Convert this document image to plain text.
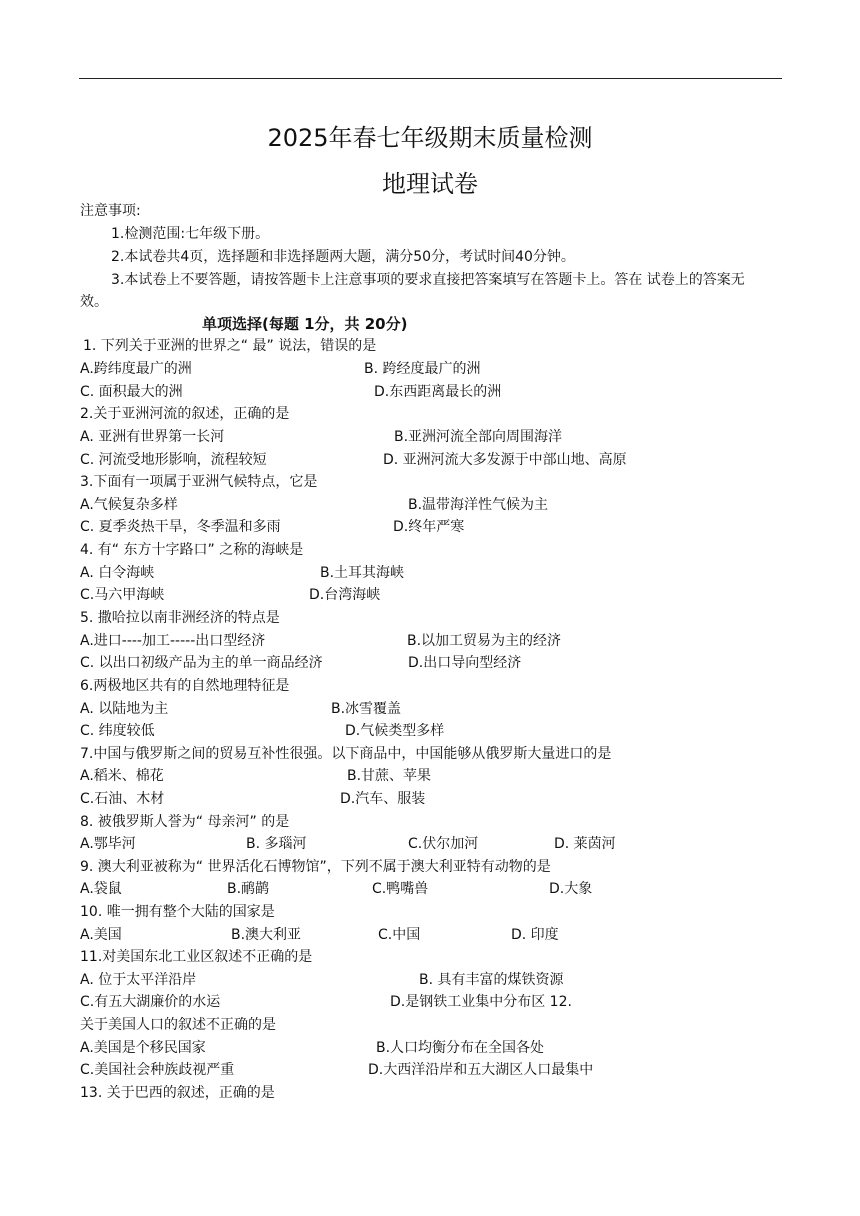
2025年春七年级期末质量检测
地理试卷
注意事项:
1.检测范围:七年级下册。
2.本试卷共4页，选择题和非选择题两大题，满分50分，考试时间40分钟。
3.本试卷上不要答题，请按答题卡上注意事项的要求直接把答案填写在答题卡上。答在 试卷上的答案无
效。
单项选择(每题 1分，共 20分)
1. 下列关于亚洲的世界之“ 最” 说法，错误的是
A.跨纬度最广的洲	B. 跨经度最广的洲
C. 面积最大的洲	D.东西距离最长的洲
2.关于亚洲河流的叙述，正确的是
A. 亚洲有世界第一长河	B.亚洲河流全部向周围海洋
C. 河流受地形影响，流程较短	D. 亚洲河流大多发源于中部山地、高原
3.下面有一项属于亚洲气候特点，它是
A.气候复杂多样	B.温带海洋性气候为主
C. 夏季炎热干旱，冬季温和多雨	D.终年严寒
4. 有“ 东方十字路口” 之称的海峡是
A. 白令海峡	B.土耳其海峡
C.马六甲海峡	D.台湾海峡
5. 撒哈拉以南非洲经济的特点是
A.进口----加工-----出口型经济	B.以加工贸易为主的经济
C. 以出口初级产品为主的单一商品经济	D.出口导向型经济
6.两极地区共有的自然地理特征是
A. 以陆地为主	B.冰雪覆盖
C. 纬度较低	D.气候类型多样
7.中国与俄罗斯之间的贸易互补性很强。以下商品中，中国能够从俄罗斯大量进口的是
A.稻米、棉花	B.甘蔗、苹果
C.石油、木材	D.汽车、服装
8. 被俄罗斯人誉为“ 母亲河” 的是
A.鄂毕河	B. 多瑙河	C.伏尔加河	D. 莱茵河
9. 澳大利亚被称为“ 世界活化石博物馆”，下列不属于澳大利亚特有动物的是
A.袋鼠	B.鸸鹋	C.鸭嘴兽	D.大象
10. 唯一拥有整个大陆的国家是
A.美国	B.澳大利亚	C.中国	D. 印度
11.对美国东北工业区叙述不正确的是
A. 位于太平洋沿岸	B. 具有丰富的煤铁资源
C.有五大湖廉价的水运	D.是钢铁工业集中分布区 12.
关于美国人口的叙述不正确的是
A.美国是个移民国家	B.人口均衡分布在全国各处
C.美国社会种族歧视严重	D.大西洋沿岸和五大湖区人口最集中
13. 关于巴西的叙述，正确的是
